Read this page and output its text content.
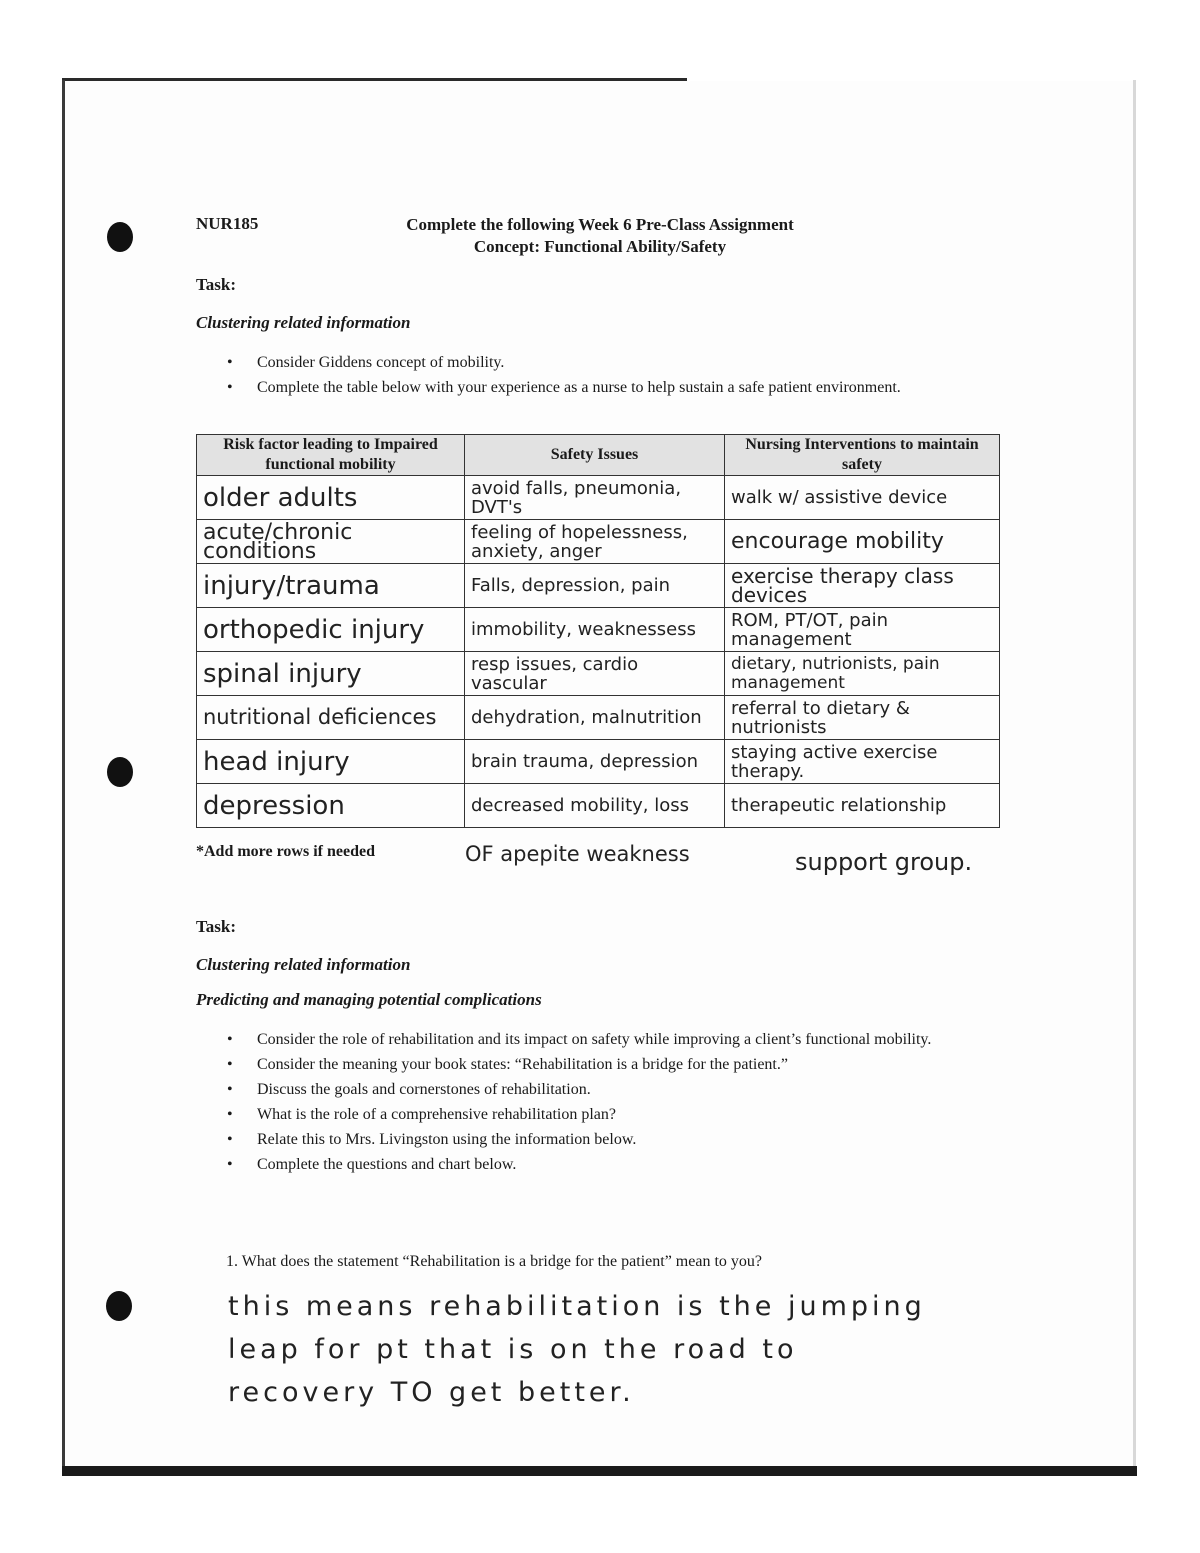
NUR185	Complete the following Week 6 Pre-Class Assignment
Concept: Functional Ability/Safety
Task:
Clustering related information
• Consider Giddens concept of mobility.
• Complete the table below with your experience as a nurse to help sustain a safe patient environment.
Risk factor leading to Impaired functional mobility	Safety Issues	Nursing Interventions to maintain safety
older adults	avoid falls, pneumonia, DVT's	walk w/ assistive device

acute/chronic conditions	feeling of hopelessness, anxiety, anger	encourage mobility
injury/trauma	Falls, depression, pain	exercise therapy class devices

orthopedic injury	immobility, weaknessess	ROM, PT/OT, pain management

spinal injury	resp issues, cardio vascular	dietary, nutrionists, pain management

nutritional deficiences	dehydration, malnutrition	referral to dietary & nutrionists

head injury	brain trauma, depression	staying active exercise therapy.

depression	decreased mobility, loss	therapeutic relationship
*Add more rows if needed	OF apepite weakness	support group.
Task:
Clustering related information
Predicting and managing potential complications
• Consider the role of rehabilitation and its impact on safety while improving a client’s functional mobility.
• Consider the meaning your book states: “Rehabilitation is a bridge for the patient.”
• Discuss the goals and cornerstones of rehabilitation.
• What is the role of a comprehensive rehabilitation plan?
• Relate this to Mrs. Livingston using the information below.
• Complete the questions and chart below.
1. What does the statement “Rehabilitation is a bridge for the patient” mean to you?
this means rehabilitation is the jumping leap for pt that is on the road to recovery TO get better.
